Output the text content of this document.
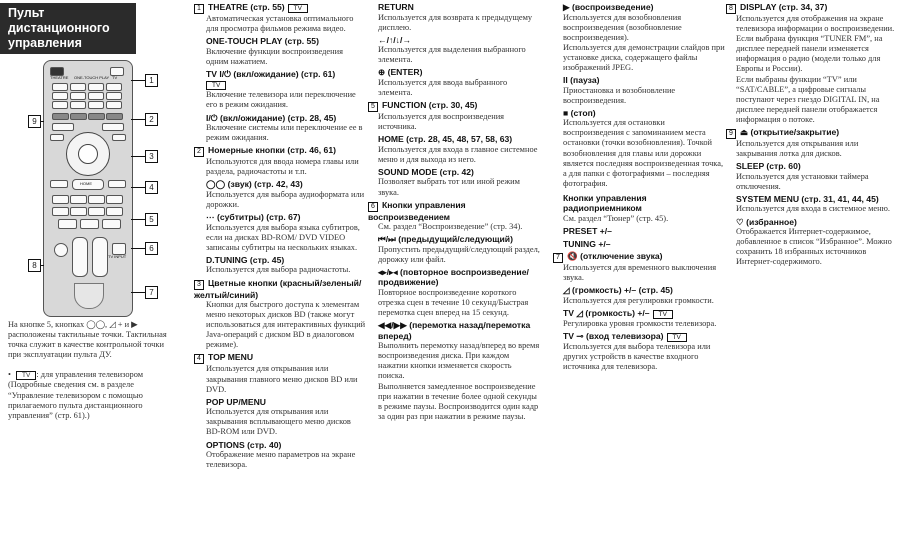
Пульт дистанционного управления
THEATRE ONE-TOUCH PLAY TV
HOME
TV INPUT
1
2
3
4
5
6
7
8
9
На кнопке 5, кнопках ◯◯, ◿ + и ▶ расположены тактильные точки. Тактильная точка служит в качестве контрольной точки при эксплуатации пульта ДУ.
• TV : для управления телевизором (Подробные сведения см. в разделе “Управление телевизором с помощью прилагаемого пульта дистанционного управления” (стр. 61).)
1 THEATRE (стр. 55) TV
Автоматическая установка оптимального для просмотра фильмов режима видео.
ONE-TOUCH PLAY (стр. 55)
Включение функции воспроизведения одним нажатием.
TV I/⏻ (вкл/ожидание) (стр. 61)
TV
Включение телевизора или переключение его в режим ожидания.
I/⏻ (вкл/ожидание) (стр. 28, 45)
Включение системы или переключение ее в режим ожидания.
2 Номерные кнопки (стр. 46, 61)
Используются для ввода номера главы или раздела, радиочастоты и т.п.
◯◯ (звук) (стр. 42, 43)
Используется для выбора аудиоформата или дорожки.
⋯ (субтитры) (стр. 67)
Используется для выбора языка субтитров, если на дисках BD-ROM/ DVD VIDEO записаны субтитры на нескольких языках.
D.TUNING (стр. 45)
Используется для выбора радиочастоты.
3 Цветные кнопки (красный/зеленый/ желтый/синий)
Кнопки для быстрого доступа к элементам меню некоторых дисков BD (также могут использоваться для интерактивных функций Java-операций с диском BD в диалоговом режиме).
4 TOP MENU
Используется для открывания или закрывания главного меню дисков BD или DVD.
POP UP/MENU
Используется для открывания или закрывания всплывающего меню дисков BD-ROM или DVD.
OPTIONS (стр. 40)
Отображение меню параметров на экране телевизора.
RETURN
Используется для возврата к предыдущему дисплею.
←/↑/↓/→
Используется для выделения выбранного элемента.
⊕ (ENTER)
Используется для ввода выбранного элемента.
5 FUNCTION (стр. 30, 45)
Используется для воспроизведения источника.
HOME (стр. 28, 45, 48, 57, 58, 63)
Используется для входа в главное системное меню и для выхода из него.
SOUND MODE (стр. 42)
Позволяет выбрать тот или иной режим звука.
6 Кнопки управления воспроизведением
См. раздел “Воспроизведение” (стр. 34).
⏮/⏭ (предыдущий/следующий)
Пропустить предыдущий/следующий раздел, дорожку или файл.
◂▸/▸◂ (повторное воспроизведение/продвижение)
Повторное воспроизведение короткого отрезка сцен в течение 10 секунд/Быстрая перемотка сцен вперед на 15 секунд.
◀◀/▶▶ (перемотка назад/перемотка вперед)
Выполнить перемотку назад/вперед во время воспроизведения диска. При каждом нажатии кнопки изменяется скорость поиска.
Выполняется замедленное воспроизведение при нажатии в течение более одной секунды в режиме паузы. Воспроизводится один кадр за один раз при нажатии в режиме паузы.
▶ (воспроизведение)
Используется для возобновления воспроизведения (возобновление воспроизведения).
Используется для демонстрации слайдов при установке диска, содержащего файлы изображений JPEG.
II (пауза)
Приостановка и возобновление воспроизведения.
■ (стоп)
Используется для остановки воспроизведения с запоминанием места остановки (точки возобновления). Точкой возобновления для главы или дорожки является последняя воспроизведенная точка, а для папки с фотографиями – последняя фотография.
Кнопки управления радиоприемником
См. раздел “Тюнер” (стр. 45).
PRESET +/–
TUNING +/–
7 🔇 (отключение звука)
Используется для временного выключения звука.
◿ (громкость) +/– (стр. 45)
Используется для регулировки громкости.
TV ◿ (громкость) +/– TV
Регулировка уровня громкости телевизора.
TV ⊸ (вход телевизора) TV
Используется для выбора телевизора или других устройств в качестве входного источника для телевизора.
8 DISPLAY (стр. 34, 37)
Используется для отображения на экране телевизора информации о воспроизведении.
Если выбрана функция “TUNER FM”, на дисплее передней панели изменяется информация о радио (модели только для Европы и России).
Если выбраны функции “TV” или “SAT/CABLE”, а цифровые сигналы поступают через гнездо DIGITAL IN, на дисплее передней панели отображается информация о потоке.
9 ⏏ (открытие/закрытие)
Используется для открывания или закрывания лотка для дисков.
SLEEP (стр. 60)
Используется для установки таймера отключения.
SYSTEM MENU (стр. 31, 41, 44, 45)
Используется для входа в системное меню.
♡ (избранное)
Отображается Интернет-содержимое, добавленное в список “Избранное”. Можно сохранить 18 избранных источников Интернет-содержимого.
